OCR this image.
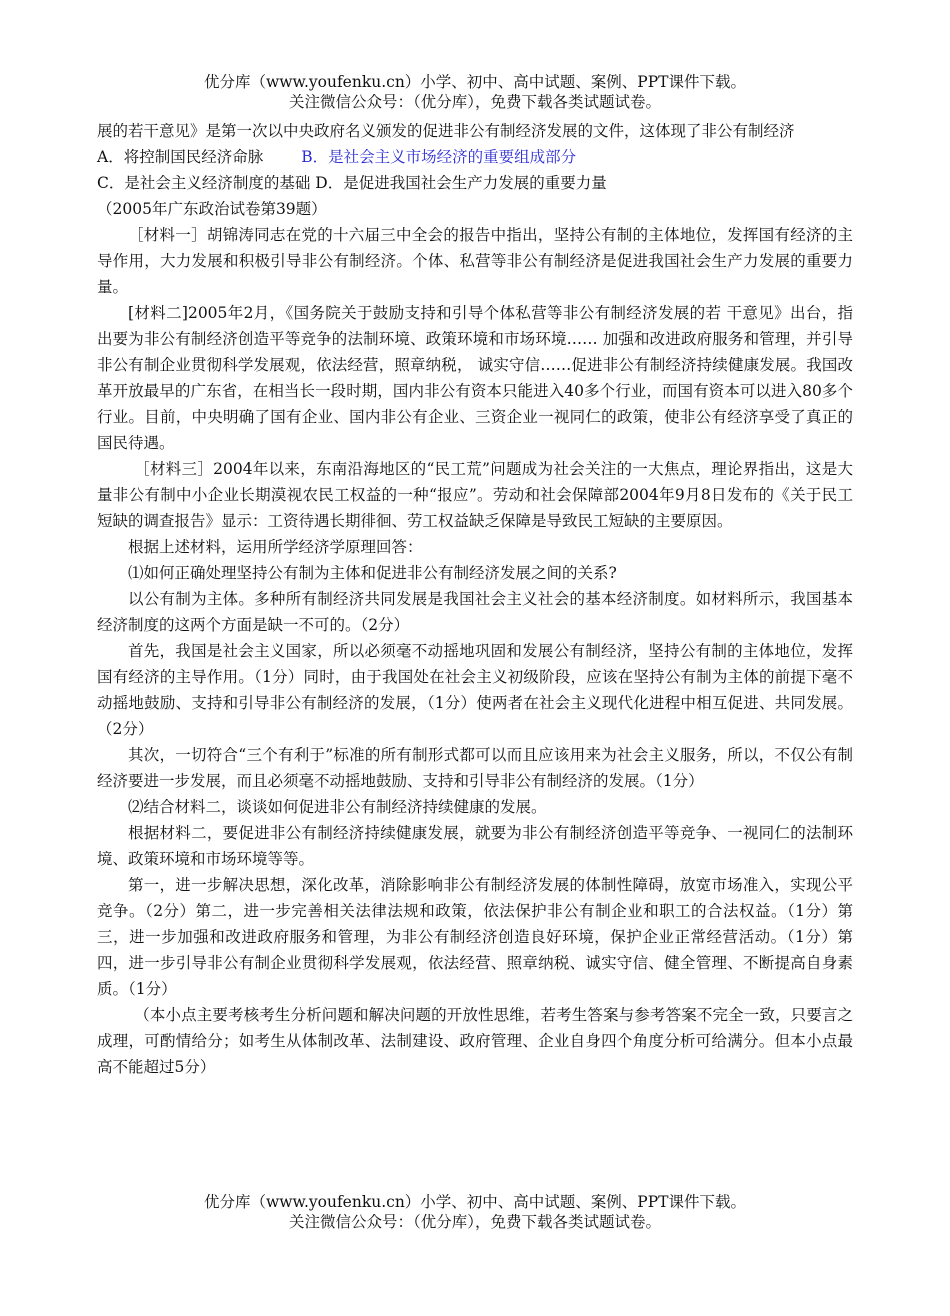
优分库（www.youfenku.cn）小学、初中、高中试题、案例、PPT课件下载。
关注微信公众号：（优分库），免费下载各类试题试卷。

展的若干意见》是第一次以中央政府名义颁发的促进非公有制经济发展的文件，这体现了非公有制经济

A．将控制国民经济命脉 B．是社会主义市场经济的重要组成部分

C．是社会主义经济制度的基础 D．是促进我国社会生产力发展的重要力量

（2005年广东政治试卷第39题）

［材料一］胡锦涛同志在党的十六届三中全会的报告中指出，坚持公有制的主体地位，发挥国有经济的主导作用，大力发展和积极引导非公有制经济。个体、私营等非公有制经济是促进我国社会生产力发展的重要力量。

[材料二]2005年2月，《国务院关于鼓励支持和引导个体私营等非公有制经济发展的若 干意见》出台，指出要为非公有制经济创造平等竞争的法制环境、政策环境和市场环境…… 加强和改进政府服务和管理，并引导非公有制企业贯彻科学发展观，依法经营，照章纳税， 诚实守信……促进非公有制经济持续健康发展。我国改革开放最早的广东省，在相当长一段时期，国内非公有资本只能进入40多个行业，而国有资本可以进入80多个行业。目前，中央明确了国有企业、国内非公有企业、三资企业一视同仁的政策，使非公有经济享受了真正的国民待遇。

［材料三］2004年以来，东南沿海地区的“民工荒”问题成为社会关注的一大焦点，理论界指出，这是大量非公有制中小企业长期漠视农民工权益的一种“报应”。劳动和社会保障部2004年9月8日发布的《关于民工短缺的调查报告》显示：工资待遇长期徘徊、劳工权益缺乏保障是导致民工短缺的主要原因。

根据上述材料，运用所学经济学原理回答：

⑴如何正确处理坚持公有制为主体和促进非公有制经济发展之间的关系?

以公有制为主体。多种所有制经济共同发展是我国社会主义社会的基本经济制度。如材料所示，我国基本经济制度的这两个方面是缺一不可的。（2分）

首先，我国是社会主义国家，所以必须毫不动摇地巩固和发展公有制经济，坚持公有制的主体地位，发挥国有经济的主导作用。（1分）同时，由于我国处在社会主义初级阶段，应该在坚持公有制为主体的前提下毫不动摇地鼓励、支持和引导非公有制经济的发展，（1分）使两者在社会主义现代化进程中相互促进、共同发展。（2分）

其次，一切符合“三个有利于”标准的所有制形式都可以而且应该用来为社会主义服务，所以，不仅公有制经济要进一步发展，而且必须毫不动摇地鼓励、支持和引导非公有制经济的发展。（1分）

⑵结合材料二，谈谈如何促进非公有制经济持续健康的发展。

根据材料二，要促进非公有制经济持续健康发展，就要为非公有制经济创造平等竞争、一视同仁的法制环境、政策环境和市场环境等等。

第一，进一步解决思想，深化改革，消除影响非公有制经济发展的体制性障碍，放宽市场准入，实现公平竞争。（2分）第二，进一步完善相关法律法规和政策，依法保护非公有制企业和职工的合法权益。（1分）第三，进一步加强和改进政府服务和管理，为非公有制经济创造良好环境，保护企业正常经营活动。（1分）第四，进一步引导非公有制企业贯彻科学发展观，依法经营、照章纳税、诚实守信、健全管理、不断提高自身素质。（1分）

（本小点主要考核考生分析问题和解决问题的开放性思维，若考生答案与参考答案不完全一致，只要言之成理，可酌情给分；如考生从体制改革、法制建设、政府管理、企业自身四个角度分析可给满分。但本小点最高不能超过5分）

优分库（www.youfenku.cn）小学、初中、高中试题、案例、PPT课件下载。
关注微信公众号：（优分库），免费下载各类试题试卷。
